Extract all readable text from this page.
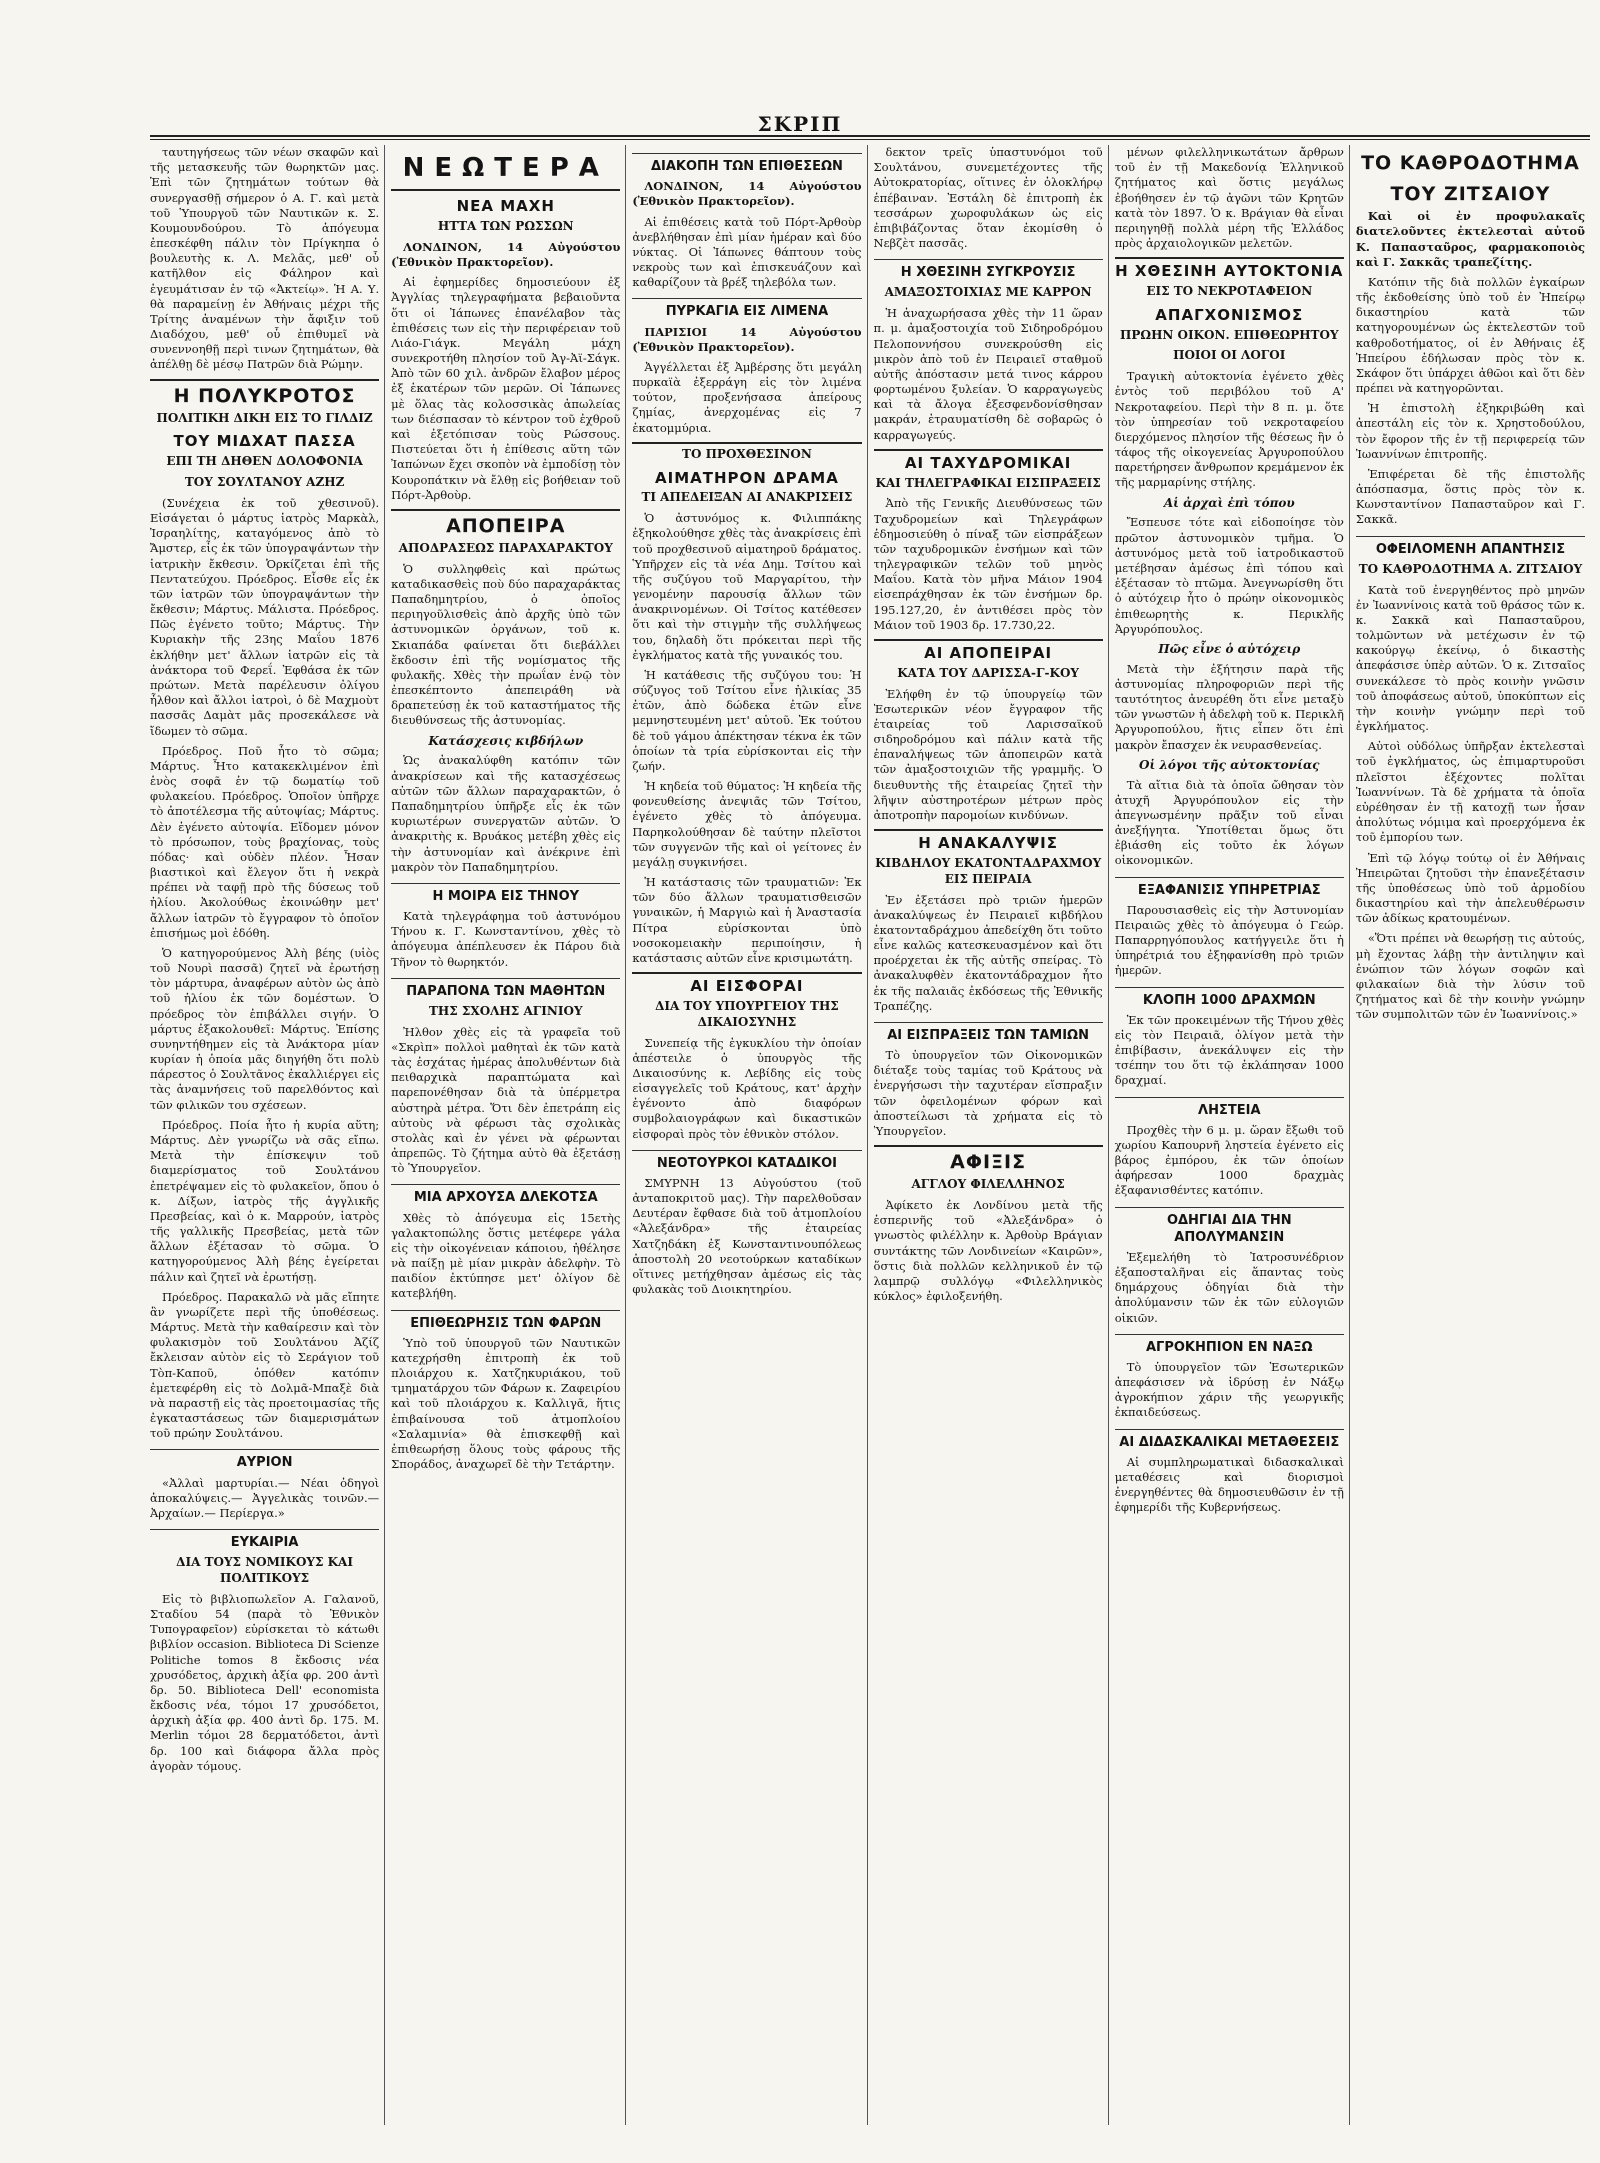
ΣΚΡΙΠ

ταυτηγήσεως τῶν νέων σκαφῶν καὶ τῆς μετασκευῆς τῶν θωρηκτῶν μας. Ἐπὶ τῶν ζητημάτων τούτων θὰ συνεργασθῇ σήμερον ὁ Α. Γ. καὶ μετὰ τοῦ Ὑπουργοῦ τῶν Ναυτικῶν κ. Σ. Κουμουνδούρου. Τὸ ἀπόγευμα ἐπεσκέφθη πάλιν τὸν Πρίγκηπα ὁ βουλευτὴς κ. Λ. Μελᾶς, μεθ' οὗ κατῆλθον εἰς Φάληρον καὶ ἐγευμάτισαν ἐν τῷ «Ἀκτείῳ». Ἡ Α. Υ. θὰ παραμείνῃ ἐν Ἀθήναις μέχρι τῆς Τρίτης ἀναμένων τὴν ἄφιξιν τοῦ Διαδόχου, μεθ' οὗ ἐπιθυμεῖ νὰ συνεννοηθῇ περὶ τινων ζητημάτων, θὰ ἀπέλθῃ δὲ μέσῳ Πατρῶν διὰ Ρώμην.

Η ΠΟΛΥΚΡΟΤΟΣ
ΠΟΛΙΤΙΚΗ ΔΙΚΗ ΕΙΣ ΤΟ ΓΙΛΔΙΖ
ΤΟΥ ΜΙΔΧΑΤ ΠΑΣΣΑ
ΕΠΙ ΤΗ ΔΗΘΕΝ ΔΟΛΟΦΟΝΙΑ
ΤΟΥ ΣΟΥΛΤΑΝΟΥ ΑΖΗΖ

(Συνέχεια ἐκ τοῦ χθεσινοῦ). Εἰσάγεται ὁ μάρτυς ἰατρὸς Μαρκὰλ, Ἰσραηλίτης, καταγόμενος ἀπὸ τὸ Ἄμστερ, εἷς ἐκ τῶν ὑπογραψάντων τὴν ἰατρικὴν ἔκθεσιν. Ὁρκίζεται ἐπὶ τῆς Πεντατεύχου. Πρόεδρος. Εἶσθε εἷς ἐκ τῶν ἰατρῶν τῶν ὑπογραψάντων τὴν ἔκθεσιν; Μάρτυς. Μάλιστα. Πρόεδρος. Πῶς ἐγένετο τοῦτο; Μάρτυς. Τὴν Κυριακὴν τῆς 23ης Μαΐου 1876 ἐκλήθην μετ' ἄλλων ἰατρῶν εἰς τὰ ἀνάκτορα τοῦ Φερεΐ. Ἐφθάσα ἐκ τῶν πρώτων. Μετὰ παρέλευσιν ὀλίγου ἦλθον καὶ ἄλλοι ἰατροὶ, ὁ δὲ Μαχμοὺτ πασσᾶς Δαμὰτ μᾶς προσεκάλεσε νὰ ἴδωμεν τὸ σῶμα.

Πρόεδρος. Ποῦ ἦτο τὸ σῶμα; Μάρτυς. Ἦτο κατακεκλιμένον ἐπὶ ἑνὸς σοφᾶ ἐν τῷ δωματίῳ τοῦ φυλακείου. Πρόεδρος. Ὁποῖον ὑπῆρχε τὸ ἀποτέλεσμα τῆς αὐτοψίας; Μάρτυς. Δὲν ἐγένετο αὐτοψία. Εἴδομεν μόνον τὸ πρόσωπον, τοὺς βραχίονας, τοὺς πόδας· καὶ οὐδὲν πλέον. Ἦσαν βιαστικοὶ καὶ ἔλεγον ὅτι ἡ νεκρὰ πρέπει νὰ ταφῇ πρὸ τῆς δύσεως τοῦ ἡλίου. Ἀκολούθως ἐκοινώθην μετ' ἄλλων ἰατρῶν τὸ ἔγγραφον τὸ ὁποῖον ἐπισήμως μοὶ ἐδόθη.

Ὁ κατηγορούμενος Ἀλὴ βέης (υἱὸς τοῦ Νουρὶ πασσᾶ) ζητεῖ νὰ ἐρωτήσῃ τὸν μάρτυρα, ἀναφέρων αὐτὸν ὡς ἀπὸ τοῦ ἡλίου ἐκ τῶν δομέστων. Ὁ πρόεδρος τὸν ἐπιβάλλει σιγήν. Ὁ μάρτυς ἐξακολουθεῖ: Μάρτυς. Ἐπίσης συνηντήθημεν εἰς τὰ Ἀνάκτορα μίαν κυρίαν ἡ ὁποία μᾶς διηγήθη ὅτι πολὺ πάρεστος ὁ Σουλτᾶνος ἐκαλλιέργει εἰς τὰς ἀναμνήσεις τοῦ παρελθόντος καὶ τῶν φιλικῶν του σχέσεων.

Πρόεδρος. Ποία ἦτο ἡ κυρία αὕτη; Μάρτυς. Δὲν γνωρίζω νὰ σᾶς εἴπω. Μετὰ τὴν ἐπίσκεψιν τοῦ διαμερίσματος τοῦ Σουλτάνου ἐπετρέψαμεν εἰς τὸ φυλακεῖον, ὅπου ὁ κ. Δίξων, ἰατρὸς τῆς ἀγγλικῆς Πρεσβείας, καὶ ὁ κ. Μαρρούν, ἰατρὸς τῆς γαλλικῆς Πρεσβείας, μετὰ τῶν ἄλλων ἐξέτασαν τὸ σῶμα. Ὁ κατηγορούμενος Ἀλὴ βέης ἐγείρεται πάλιν καὶ ζητεῖ νὰ ἐρωτήσῃ.

Πρόεδρος. Παρακαλῶ νὰ μᾶς εἴπητε ἂν γνωρίζετε περὶ τῆς ὑποθέσεως. Μάρτυς. Μετὰ τὴν καθαίρεσιν καὶ τὸν φυλακισμὸν τοῦ Σουλτάνου Ἀζίζ ἔκλεισαν αὐτὸν εἰς τὸ Σεράγιον τοῦ Τὸπ-Καποῦ, ὁπόθεν κατόπιν ἐμετεφέρθη εἰς τὸ Δολμᾶ-Μπαξὲ διὰ νὰ παραστῇ εἰς τὰς προετοιμασίας τῆς ἐγκαταστάσεως τῶν διαμερισμάτων τοῦ πρώην Σουλτάνου.

ΑΥΡΙΟΝ

«Ἀλλαὶ μαρτυρίαι.— Νέαι ὁδηγοὶ ἀποκαλύψεις.— Ἀγγελικὰς τοινῶν.— Ἀρχαίων.— Περίεργα.»

ΕΥΚΑΙΡΙΑ
ΔΙΑ ΤΟΥΣ ΝΟΜΙΚΟΥΣ ΚΑΙ ΠΟΛΙΤΙΚΟΥΣ

Εἰς τὸ βιβλιοπωλεῖον Α. Γαλανοῦ, Σταδίου 54 (παρὰ τὸ Ἐθνικὸν Τυπογραφεῖον) εὑρίσκεται τὸ κάτωθι βιβλίον occasion. Biblioteca Di Scienze Politiche tomos 8 ἔκδοσις νέα χρυσόδετος, ἀρχικὴ ἀξία φρ. 200 ἀντὶ δρ. 50. Biblioteca Dell' economista ἔκδοσις νέα, τόμοι 17 χρυσόδετοι, ἀρχικὴ ἀξία φρ. 400 ἀντὶ δρ. 175. M. Merlin τόμοι 28 δερματόδετοι, ἀντὶ δρ. 100 καὶ διάφορα ἄλλα πρὸς ἀγορὰν τόμους.

ΝΕΩΤΕΡΑ
ΝΕΑ ΜΑΧΗ
ΗΤΤΑ ΤΩΝ ΡΩΣΣΩΝ

ΛΟΝΔΙΝΟΝ, 14 Αὐγούστου (Ἐθνικὸν Πρακτορεῖον).

Αἱ ἐφημερίδες δημοσιεύουν ἐξ Ἀγγλίας τηλεγραφήματα βεβαιοῦντα ὅτι οἱ Ἰάπωνες ἐπανέλαβον τὰς ἐπιθέσεις των εἰς τὴν περιφέρειαν τοῦ Λιάο-Γιάγκ. Μεγάλη μάχη συνεκροτήθη πλησίον τοῦ Ἀγ-Ἀϊ-Σάγκ. Ἀπὸ τῶν 60 χιλ. ἀνδρῶν ἔλαβον μέρος ἐξ ἑκατέρων τῶν μερῶν. Οἱ Ἰάπωνες μὲ ὅλας τὰς κολοσσικὰς ἀπωλείας των διέσπασαν τὸ κέντρον τοῦ ἐχθροῦ καὶ ἐξετόπισαν τοὺς Ρώσσους. Πιστεύεται ὅτι ἡ ἐπίθεσις αὕτη τῶν Ἰαπώνων ἔχει σκοπὸν νὰ ἐμποδίσῃ τὸν Κουροπάτκιν νὰ ἔλθῃ εἰς βοήθειαν τοῦ Πόρτ-Ἀρθοὺρ.

ΑΠΟΠΕΙΡΑ
ΑΠΟΔΡΑΣΕΩΣ ΠΑΡΑΧΑΡΑΚΤΟΥ

Ὁ συλληφθεὶς καὶ πρώτως καταδικασθεὶς ποὺ δύο παραχαράκτας Παπαδημητρίου, ὁ ὁποῖος περιηγοῦλισθεὶς ἀπὸ ἀρχῆς ὑπὸ τῶν ἀστυνομικῶν ὀργάνων, τοῦ κ. Σκιαπάδα φαίνεται ὅτι διεβάλλει ἔκδοσιν ἐπὶ τῆς νομίσματος τῆς φυλακῆς. Χθὲς τὴν πρωΐαν ἐνῷ τὸν ἐπεσκέπτοντο ἀπεπειράθη νὰ δραπετεύσῃ ἐκ τοῦ καταστήματος τῆς διευθύνσεως τῆς ἀστυνομίας.

Κατάσχεσις κιβδήλων

Ὡς ἀνακαλύφθη κατόπιν τῶν ἀνακρίσεων καὶ τῆς κατασχέσεως αὐτῶν τῶν ἄλλων παραχαρακτῶν, ὁ Παπαδημητρίου ὑπῆρξε εἷς ἐκ τῶν κυριωτέρων συνεργατῶν αὐτῶν. Ὁ ἀνακριτὴς κ. Βρυάκος μετέβη χθὲς εἰς τὴν ἀστυνομίαν καὶ ἀνέκρινε ἐπὶ μακρὸν τὸν Παπαδημητρίου.

Η ΜΟΙΡΑ ΕΙΣ ΤΗΝΟΥ

Κατὰ τηλεγράφημα τοῦ ἀστυνόμου Τήνου κ. Γ. Κωνσταντίνου, χθὲς τὸ ἀπόγευμα ἀπέπλευσεν ἐκ Πάρου διὰ Τῆνον τὸ θωρηκτόν.

ΠΑΡΑΠΟΝΑ ΤΩΝ ΜΑΘΗΤΩΝ
ΤΗΣ ΣΧΟΛΗΣ ΑΓΙΝΙΟΥ

Ἠλθον χθὲς εἰς τὰ γραφεῖα τοῦ «Σκρὶπ» πολλοὶ μαθηταὶ ἐκ τῶν κατὰ τὰς ἐσχάτας ἡμέρας ἀπολυθέντων διὰ πειθαρχικὰ παραπτώματα καὶ παρεπονέθησαν διὰ τὰ ὑπέρμετρα αὐστηρὰ μέτρα. Ὅτι δὲν ἐπετράπη εἰς αὐτοὺς νὰ φέρωσι τὰς σχολικὰς στολὰς καὶ ἐν γένει νὰ φέρωνται ἀπρεπῶς. Τὸ ζήτημα αὐτὸ θὰ ἐξετάσῃ τὸ Ὑπουργεῖον.

ΜΙΑ ΑΡΧΟΥΣΑ ΔΛΕΚΟΤΣΑ

Χθὲς τὸ ἀπόγευμα εἰς 15ετὴς γαλακτοπώλης ὅστις μετέφερε γάλα εἰς τὴν οἰκογένειαν κάποιου, ἠθέλησε νὰ παίξῃ μὲ μίαν μικρὰν ἀδελφὴν. Τὸ παιδίον ἐκτύπησε μετ' ὀλίγον δὲ κατεβλήθη.

ΕΠΙΘΕΩΡΗΣΙΣ ΤΩΝ ΦΑΡΩΝ

Ὑπὸ τοῦ ὑπουργοῦ τῶν Ναυτικῶν κατεχρήσθη ἐπιτροπὴ ἐκ τοῦ πλοιάρχου κ. Χατζηκυριάκου, τοῦ τμηματάρχου τῶν Φάρων κ. Ζαφειρίου καὶ τοῦ πλοιάρχου κ. Καλλιγᾶ, ἥτις ἐπιβαίνουσα τοῦ ἀτμοπλοίου «Σαλαμινία» θὰ ἐπισκεφθῇ καὶ ἐπιθεωρήσῃ ὅλους τοὺς φάρους τῆς Σποράδος, ἀναχωρεῖ δὲ τὴν Τετάρτην.

ΔΙΑΚΟΠΗ ΤΩΝ ΕΠΙΘΕΣΕΩΝ

ΛΟΝΔΙΝΟΝ, 14 Αὐγούστου (Ἐθνικὸν Πρακτορεῖον).

Αἱ ἐπιθέσεις κατὰ τοῦ Πόρτ-Ἀρθοὺρ ἀνεβλήθησαν ἐπὶ μίαν ἡμέραν καὶ δύο νύκτας. Οἱ Ἰάπωνες θάπτουν τοὺς νεκροὺς των καὶ ἐπισκευάζουν καὶ καθαρίζουν τὰ βρέξ τηλεβόλα των.

ΠΥΡΚΑΓΙΑ ΕΙΣ ΛΙΜΕΝΑ

ΠΑΡΙΣΙΟΙ 14 Αὐγούστου (Ἐθνικὸν Πρακτορεῖον).

Ἀγγέλλεται ἐξ Ἀμβέρσης ὅτι μεγάλη πυρκαϊὰ ἐξερράγη εἰς τὸν λιμένα τούτον, προξενήσασα ἀπείρους ζημίας, ἀνερχομένας εἰς 7 ἑκατομμύρια.

ΤΟ ΠΡΟΧΘΕΣΙΝΟΝ
ΑΙΜΑΤΗΡΟΝ ΔΡΑΜΑ
ΤΙ ΑΠΕΔΕΙΞΑΝ ΑΙ ΑΝΑΚΡΙΣΕΙΣ

Ὁ ἀστυνόμος κ. Φιλιππάκης ἐξηκολούθησε χθὲς τὰς ἀνακρίσεις ἐπὶ τοῦ προχθεσινοῦ αἱματηροῦ δράματος. Ὑπῆρχεν εἰς τὰ νέα Δημ. Τσίτου καὶ τῆς συζύγου τοῦ Μαργαρίτου, τὴν γενομένην παρουσίᾳ ἄλλων τῶν ἀνακρινομένων. Οἱ Τσίτος κατέθεσεν ὅτι καὶ τὴν στιγμὴν τῆς συλλήψεως του, δηλαδὴ ὅτι πρόκειται περὶ τῆς ἐγκλήματος κατὰ τῆς γυναικός του.

Ἡ κατάθεσις τῆς συζύγου του: Ἡ σύζυγος τοῦ Τσίτου εἶνε ἡλικίας 35 ἐτῶν, ἀπὸ δώδεκα ἐτῶν εἶνε μεμνηστευμένη μετ' αὐτοῦ. Ἐκ τούτου δὲ τοῦ γάμου ἀπέκτησαν τέκνα ἐκ τῶν ὁποίων τὰ τρία εὑρίσκονται εἰς τὴν ζωήν.

Ἡ κηδεία τοῦ θύματος: Ἡ κηδεία τῆς φονευθείσης ἀνεψιᾶς τῶν Τσίτου, ἐγένετο χθὲς τὸ ἀπόγευμα. Παρηκολούθησαν δὲ ταύτην πλεῖστοι τῶν συγγενῶν τῆς καὶ οἱ γείτονες ἐν μεγάλῃ συγκινήσει.

Ἡ κατάστασις τῶν τραυματιῶν: Ἐκ τῶν δύο ἄλλων τραυματισθεισῶν γυναικῶν, ἡ Μαργιὼ καὶ ἡ Ἀναστασία Πίτρα εὑρίσκονται ὑπὸ νοσοκομειακὴν περιποίησιν, ἡ κατάστασις αὐτῶν εἶνε κρισιμωτάτη.

ΑΙ ΕΙΣΦΟΡΑΙ
ΔΙΑ ΤΟΥ ΥΠΟΥΡΓΕΙΟΥ ΤΗΣ ΔΙΚΑΙΟΣΥΝΗΣ

Συνεπείᾳ τῆς ἐγκυκλίου τὴν ὁποίαν ἀπέστειλε ὁ ὑπουργὸς τῆς Δικαιοσύνης κ. Λεβίδης εἰς τοὺς εἰσαγγελεῖς τοῦ Κράτους, κατ' ἀρχὴν ἐγένοντο ἀπὸ διαφόρων συμβολαιογράφων καὶ δικαστικῶν εἰσφοραὶ πρὸς τὸν ἐθνικὸν στόλον.

ΝΕΟΤΟΥΡΚΟΙ ΚΑΤΑΔΙΚΟΙ

ΣΜΥΡΝΗ 13 Αὐγούστου (τοῦ ἀνταποκριτοῦ μας). Τὴν παρελθοῦσαν Δευτέραν ἔφθασε διὰ τοῦ ἀτμοπλοίου «Ἀλεξάνδρα» τῆς ἑταιρείας Χατζηδάκη ἐξ Κωνσταντινουπόλεως ἀποστολὴ 20 νεοτούρκων καταδίκων οἵτινες μετήχθησαν ἀμέσως εἰς τὰς φυλακὰς τοῦ Διοικητηρίου.

δεκτον τρεῖς ὑπαστυνόμοι τοῦ Σουλτάνου, συνεμετέχοντες τῆς Αὐτοκρατορίας, οἵτινες ἐν ὁλοκλήρῳ ἐπέβαιναν. Ἐστάλη δὲ ἐπιτροπὴ ἐκ τεσσάρων χωροφυλάκων ὡς εἰς ἐπιβιβάζοντας ὅταν ἐκομίσθη ὁ Νεβζὲτ πασσᾶς.

Η ΧΘΕΣΙΝΗ ΣΥΓΚΡΟΥΣΙΣ
ΑΜΑΞΟΣΤΟΙΧΙΑΣ ΜΕ ΚΑΡΡΟΝ

Ἡ ἀναχωρήσασα χθὲς τὴν 11 ὥραν π. μ. ἀμαξοστοιχία τοῦ Σιδηροδρόμου Πελοποννήσου συνεκρούσθη εἰς μικρὸν ἀπὸ τοῦ ἐν Πειραιεῖ σταθμοῦ αὐτῆς ἀπόστασιν μετά τινος κάρρου φορτωμένου ξυλείαν. Ὁ καρραγωγεὺς καὶ τὰ ἄλογα ἐξεσφενδονίσθησαν μακράν, ἐτραυματίσθη δὲ σοβαρῶς ὁ καρραγωγεύς.

ΑΙ ΤΑΧΥΔΡΟΜΙΚΑΙ
ΚΑΙ ΤΗΛΕΓΡΑΦΙΚΑΙ ΕΙΣΠΡΑΞΕΙΣ

Ἀπὸ τῆς Γενικῆς Διευθύνσεως τῶν Ταχυδρομείων καὶ Τηλεγράφων ἐδημοσιεύθη ὁ πίναξ τῶν εἰσπράξεων τῶν ταχυδρομικῶν ἐνσήμων καὶ τῶν τηλεγραφικῶν τελῶν τοῦ μηνὸς Μαΐου. Κατὰ τὸν μῆνα Μάιον 1904 εἰσεπράχθησαν ἐκ τῶν ἐνσήμων δρ. 195.127,20, ἐν ἀντιθέσει πρὸς τὸν Μάιον τοῦ 1903 δρ. 17.730,22.

ΑΙ ΑΠΟΠΕΙΡΑΙ
ΚΑΤΑ ΤΟΥ ΔΑΡΙΣΣΑ-Γ-ΚΟΥ

Ἐλήφθη ἐν τῷ ὑπουργείῳ τῶν Ἐσωτερικῶν νέον ἔγγραφον τῆς ἑταιρείας τοῦ Λαρισσαϊκοῦ σιδηροδρόμου καὶ πάλιν κατὰ τῆς ἐπαναλήψεως τῶν ἀποπειρῶν κατὰ τῶν ἀμαξοστοιχιῶν τῆς γραμμῆς. Ὁ διευθυντὴς τῆς ἑταιρείας ζητεῖ τὴν λῆψιν αὐστηροτέρων μέτρων πρὸς ἀποτροπὴν παρομοίων κινδύνων.

Η ΑΝΑΚΑΛΥΨΙΣ
ΚΙΒΔΗΛΟΥ ΕΚΑΤΟΝΤΑΔΡΑΧΜΟΥ ΕΙΣ ΠΕΙΡΑΙΑ

Ἐν ἐξετάσει πρὸ τριῶν ἡμερῶν ἀνακαλύψεως ἐν Πειραιεῖ κιβδήλου ἑκατονταδράχμου ἀπεδείχθη ὅτι τοῦτο εἶνε καλῶς κατεσκευασμένον καὶ ὅτι προέρχεται ἐκ τῆς αὐτῆς σπείρας. Τὸ ἀνακαλυφθὲν ἑκατοντάδραχμον ἦτο ἐκ τῆς παλαιᾶς ἐκδόσεως τῆς Ἐθνικῆς Τραπέζης.

ΑΙ ΕΙΣΠΡΑΞΕΙΣ ΤΩΝ ΤΑΜΙΩΝ

Τὸ ὑπουργεῖον τῶν Οἰκονομικῶν διέταξε τοὺς ταμίας τοῦ Κράτους νὰ ἐνεργήσωσι τὴν ταχυτέραν εἴσπραξιν τῶν ὀφειλομένων φόρων καὶ ἀποστείλωσι τὰ χρήματα εἰς τὸ Ὑπουργεῖον.

ΑΦΙΞΙΣ
ΑΓΓΛΟΥ ΦΙΛΕΛΛΗΝΟΣ

Ἀφίκετο ἐκ Λονδίνου μετὰ τῆς ἑσπερινῆς τοῦ «Ἀλεξάνδρα» ὁ γνωστὸς φιλέλλην κ. Ἀρθοὺρ Βράγιαν συντάκτης τῶν Λονδινείων «Καιρῶν», ὅστις διὰ πολλῶν κελληνικοῦ ἐν τῷ λαμπρῷ συλλόγῳ «Φιλελληνικὸς κύκλος» ἐφιλοξενήθη.

μένων φιλελληνικωτάτων ἄρθρων τοῦ ἐν τῇ Μακεδονίᾳ Ἑλληνικοῦ ζητήματος καὶ ὅστις μεγάλως ἐβοήθησεν ἐν τῷ ἀγῶνι τῶν Κρητῶν κατὰ τὸν 1897. Ὁ κ. Βράγιαν θὰ εἶναι περιηγηθῇ πολλὰ μέρη τῆς Ἑλλάδος πρὸς ἀρχαιολογικῶν μελετῶν.

Η ΧΘΕΣΙΝΗ ΑΥΤΟΚΤΟΝΙΑ
ΕΙΣ ΤΟ ΝΕΚΡΟΤΑΦΕΙΟΝ
ΑΠΑΓΧΟΝΙΣΜΟΣ
ΠΡΩΗΝ ΟΙΚΟΝ. ΕΠΙΘΕΩΡΗΤΟΥ
ΠΟΙΟΙ ΟΙ ΛΟΓΟΙ

Τραγικὴ αὐτοκτονία ἐγένετο χθὲς ἐντὸς τοῦ περιβόλου τοῦ Α' Νεκροταφείου. Περὶ τὴν 8 π. μ. ὅτε τὸν ὑπηρεσίαν τοῦ νεκροταφείου διερχόμενος πλησίον τῆς θέσεως ἣν ὁ τάφος τῆς οἰκογενείας Ἀργυροπούλου παρετήρησεν ἄνθρωπον κρεμάμενον ἐκ τῆς μαρμαρίνης στήλης.

Αἱ ἀρχαὶ ἐπὶ τόπου

Ἔσπευσε τότε καὶ εἰδοποίησε τὸν πρῶτον ἀστυνομικὸν τμῆμα. Ὁ ἀστυνόμος μετὰ τοῦ ἰατροδικαστοῦ μετέβησαν ἀμέσως ἐπὶ τόπου καὶ ἐξέτασαν τὸ πτῶμα. Ἀνεγνωρίσθη ὅτι ὁ αὐτόχειρ ἦτο ὁ πρώην οἰκονομικὸς ἐπιθεωρητὴς κ. Περικλῆς Ἀργυρόπουλος.

Πῶς εἶνε ὁ αὐτόχειρ

Μετὰ τὴν ἐξήτησιν παρὰ τῆς ἀστυνομίας πληροφοριῶν περὶ τῆς ταυτότητος ἀνευρέθη ὅτι εἶνε μεταξὺ τῶν γνωστῶν ἡ ἀδελφὴ τοῦ κ. Περικλῆ Ἀργυροπούλου, ἥτις εἶπεν ὅτι ἐπὶ μακρὸν ἔπασχεν ἐκ νευρασθενείας.

Οἱ λόγοι τῆς αὐτοκτονίας

Τὰ αἴτια διὰ τὰ ὁποῖα ὤθησαν τὸν ἀτυχῆ Ἀργυρόπουλον εἰς τὴν ἀπεγνωσμένην πρᾶξιν τοῦ εἶναι ἀνεξήγητα. Ὑποτίθεται ὅμως ὅτι ἐβιάσθη εἰς τοῦτο ἐκ λόγων οἰκονομικῶν.

ΕΞΑΦΑΝΙΣΙΣ ΥΠΗΡΕΤΡΙΑΣ

Παρουσιασθεὶς εἰς τὴν Ἀστυνομίαν Πειραιῶς χθὲς τὸ ἀπόγευμα ὁ Γεώρ. Παπαρρηγόπουλος κατήγγειλε ὅτι ἡ ὑπηρέτριά του ἐξηφανίσθη πρὸ τριῶν ἡμερῶν.

ΚΛΟΠΗ 1000 ΔΡΑΧΜΩΝ

Ἐκ τῶν προκειμένων τῆς Τήνου χθὲς εἰς τὸν Πειραιᾶ, ὀλίγον μετὰ τὴν ἐπιβίβασιν, ἀνεκάλυψεν εἰς τὴν τσέπην του ὅτι τῷ ἐκλάπησαν 1000 δραχμαί.

ΛΗΣΤΕΙΑ

Προχθὲς τὴν 6 μ. μ. ὥραν ἔξωθι τοῦ χωρίου Καπουρνῆ ληστεία ἐγένετο εἰς βάρος ἐμπόρου, ἐκ τῶν ὁποίων ἀφήρεσαν 1000 δραχμὰς ἐξαφανισθέντες κατόπιν.

ΟΔΗΓΙΑΙ ΔΙΑ ΤΗΝ ΑΠΟΛΥΜΑΝΣΙΝ

Ἐξεμελήθη τὸ Ἰατροσυνέδριον ἐξαποσταλῆναι εἰς ἅπαντας τοὺς δημάρχους ὁδηγίαι διὰ τὴν ἀπολύμανσιν τῶν ἐκ τῶν εὐλογιῶν οἰκιῶν.

ΑΓΡΟΚΗΠΙΟΝ ΕΝ ΝΑΞΩ

Τὸ ὑπουργεῖον τῶν Ἐσωτερικῶν ἀπεφάσισεν νὰ ἱδρύσῃ ἐν Νάξῳ ἀγροκήπιον χάριν τῆς γεωργικῆς ἐκπαιδεύσεως.

ΑΙ ΔΙΔΑΣΚΑΛΙΚΑΙ ΜΕΤΑΘΕΣΕΙΣ

Αἱ συμπληρωματικαὶ διδασκαλικαὶ μεταθέσεις καὶ διορισμοὶ ἐνεργηθέντες θὰ δημοσιευθῶσιν ἐν τῇ ἐφημερίδι τῆς Κυβερνήσεως.

ΤΟ ΚΑΘΡΟΔΟΤΗΜΑ
ΤΟΥ ΖΙΤΣΑΙΟΥ

Καὶ οἱ ἐν προφυλακαῖς διατελοῦντες ἐκτελεσταὶ αὐτοῦ Κ. Παπασταῦρος, φαρμακοποιὸς καὶ Γ. Σακκᾶς τραπεζίτης.

Κατόπιν τῆς διὰ πολλῶν ἐγκαίρων τῆς ἐκδοθείσης ὑπὸ τοῦ ἐν Ἠπείρῳ δικαστηρίου κατὰ τῶν κατηγορουμένων ὡς ἐκτελεστῶν τοῦ καθροδοτήματος, οἱ ἐν Ἀθήναις ἐξ Ἠπείρου ἐδήλωσαν πρὸς τὸν κ. Σκάφον ὅτι ὑπάρχει ἀθῶοι καὶ ὅτι δὲν πρέπει νὰ κατηγορῶνται.

Ἡ ἐπιστολὴ ἐξηκριβώθη καὶ ἀπεστάλη εἰς τὸν κ. Χρηστοδούλου, τὸν ἔφορον τῆς ἐν τῇ περιφερείᾳ τῶν Ἰωαννίνων ἐπιτροπῆς.

Ἐπιφέρεται δὲ τῆς ἐπιστολῆς ἀπόσπασμα, ὅστις πρὸς τὸν κ. Κωνσταντίνον Παπασταῦρον καὶ Γ. Σακκᾶ.

ΟΦΕΙΛΟΜΕΝΗ ΑΠΑΝΤΗΣΙΣ
ΤΟ ΚΑΘΡΟΔΟΤΗΜΑ Α. ΖΙΤΣΑΙΟΥ

Κατὰ τοῦ ἐνεργηθέντος πρὸ μηνῶν ἐν Ἰωαννίνοις κατὰ τοῦ θράσος τῶν κ. κ. Σακκᾶ καὶ Παπασταῦρου, τολμῶντων νὰ μετέχωσιν ἐν τῷ κακούργῳ ἐκείνῳ, ὁ δικαστὴς ἀπεφάσισε ὑπὲρ αὐτῶν. Ὁ κ. Ζιτσαῖος συνεκάλεσε τὸ πρὸς κοινὴν γνῶσιν τοῦ ἀποφάσεως αὐτοῦ, ὑποκύπτων εἰς τὴν κοινὴν γνώμην περὶ τοῦ ἐγκλήματος.

Αὐτοὶ οὐδόλως ὑπῆρξαν ἐκτελεσταὶ τοῦ ἐγκλήματος, ὡς ἐπιμαρτυροῦσι πλεῖστοι ἐξέχοντες πολῖται Ἰωαννίνων. Τὰ δὲ χρήματα τὰ ὁποῖα εὑρέθησαν ἐν τῇ κατοχῇ των ἦσαν ἀπολύτως νόμιμα καὶ προερχόμενα ἐκ τοῦ ἐμπορίου των.

Ἐπὶ τῷ λόγῳ τούτῳ οἱ ἐν Ἀθήναις Ἠπειρῶται ζητοῦσι τὴν ἐπανεξέτασιν τῆς ὑποθέσεως ὑπὸ τοῦ ἀρμοδίου δικαστηρίου καὶ τὴν ἀπελευθέρωσιν τῶν ἀδίκως κρατουμένων.

«Ὅτι πρέπει νὰ θεωρήσῃ τις αὐτούς, μὴ ἔχοντας λάβῃ τὴν ἀντιληψιν καὶ ἐνώπιον τῶν λόγων σοφῶν καὶ φιλακαίων διὰ τὴν λύσιν τοῦ ζητήματος καὶ δὲ τὴν κοινὴν γνώμην τῶν συμπολιτῶν τῶν ἐν Ἰωαννίνοις.»
